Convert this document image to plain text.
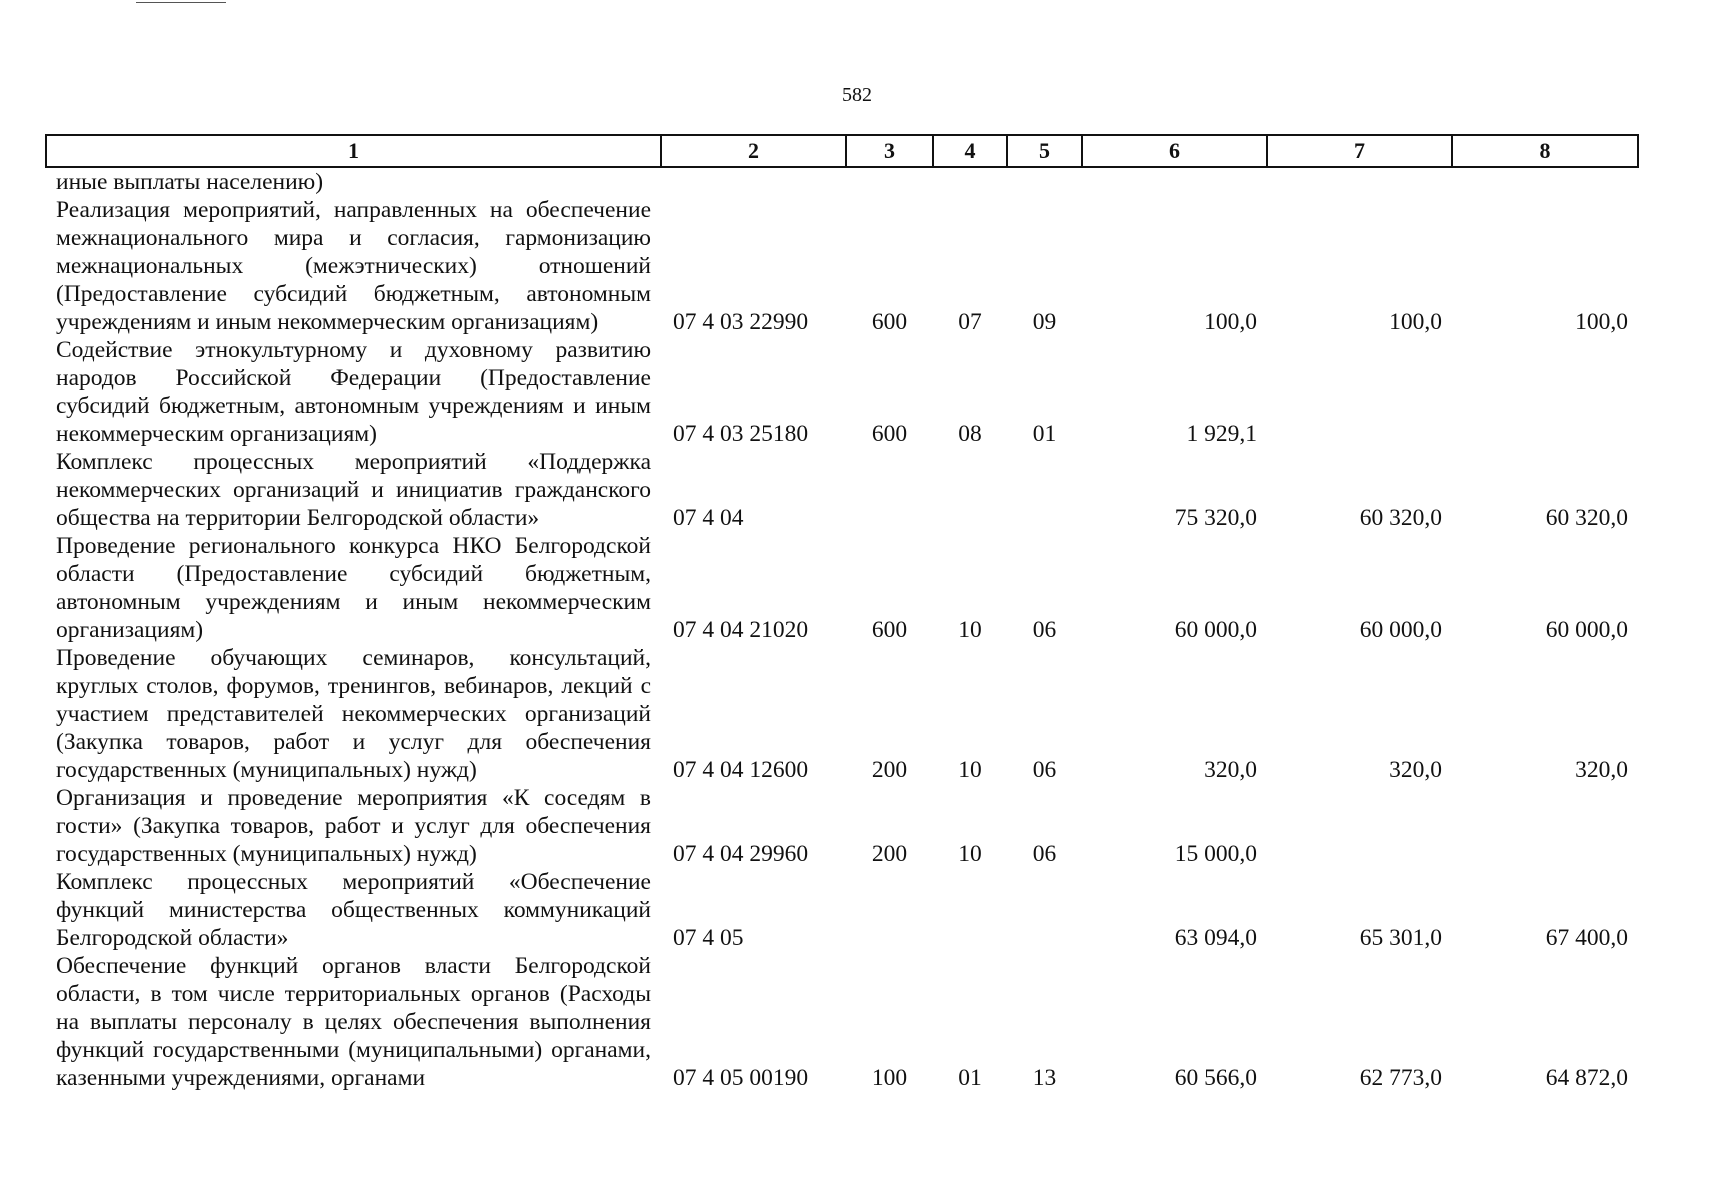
582
1	2	3	4	5	6	7	8
иные выплаты населению)							
Реализация мероприятий, направленных на обеспечение межнационального мира и согласия, гармонизацию межнациональных (межэтнических) отношений (Предоставление субсидий бюджетным, автономным учреждениям и иным некоммерческим организациям)	07 4 03 22990	600	07	09	100,0	100,0	100,0
Содействие этнокультурному и духовному развитию народов Российской Федерации (Предоставление субсидий бюджетным, автономным учреждениям и иным некоммерческим организациям)	07 4 03 25180	600	08	01	1 929,1		
Комплекс процессных мероприятий «Поддержка некоммерческих организаций и инициатив гражданского общества на территории Белгородской области»	07 4 04				75 320,0	60 320,0	60 320,0
Проведение регионального конкурса НКО Белгородской области (Предоставление субсидий бюджетным, автономным учреждениям и иным некоммерческим организациям)	07 4 04 21020	600	10	06	60 000,0	60 000,0	60 000,0
Проведение обучающих семинаров, консультаций, круглых столов, форумов, тренингов, вебинаров, лекций с участием представителей некоммерческих организаций (Закупка товаров, работ и услуг для обеспечения государственных (муниципальных) нужд)	07 4 04 12600	200	10	06	320,0	320,0	320,0
Организация и проведение мероприятия «К соседям в гости» (Закупка товаров, работ и услуг для обеспечения государственных (муниципальных) нужд)	07 4 04 29960	200	10	06	15 000,0		
Комплекс процессных мероприятий «Обеспечение функций министерства общественных коммуникаций Белгородской области»	07 4 05				63 094,0	65 301,0	67 400,0
Обеспечение функций органов власти Белгородской области, в том числе территориальных органов (Расходы на выплаты персоналу в целях обеспечения выполнения функций государственными (муниципальными) органами, казенными учреждениями, органами	07 4 05 00190	100	01	13	60 566,0	62 773,0	64 872,0
